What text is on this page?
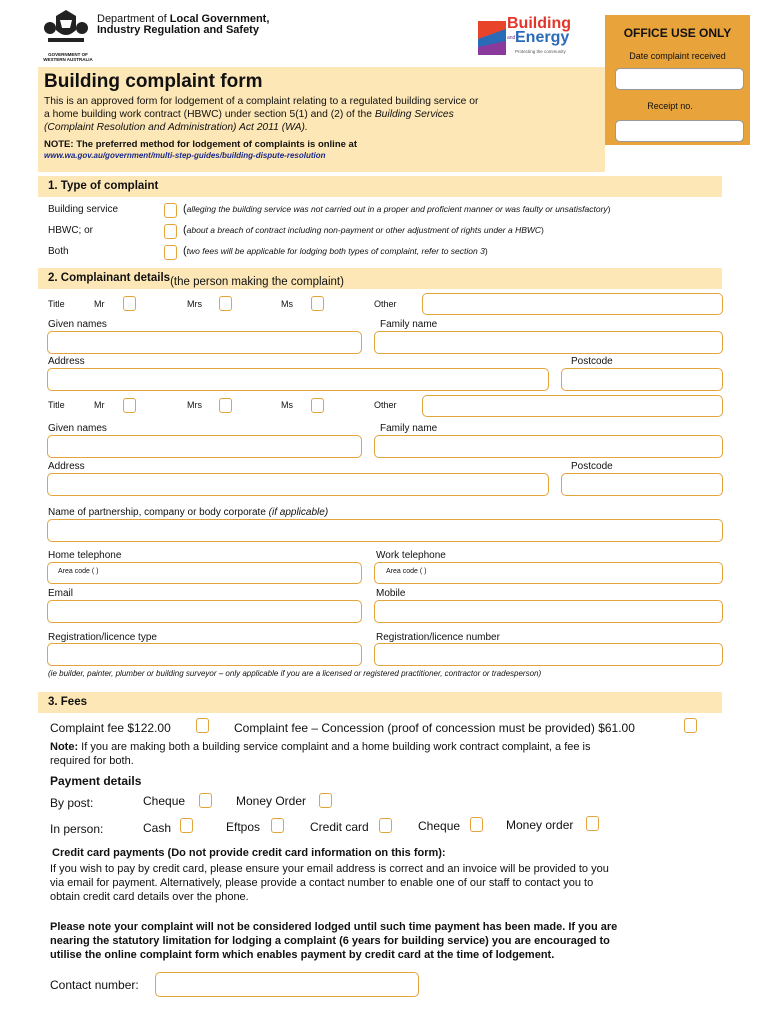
GOVERNMENT OF WESTERN AUSTRALIA
Department of Local Government,
Industry Regulation and Safety	Building
and Energy
Protecting the community
OFFICE USE ONLY
Date complaint received
Receipt no.
Building complaint form
This is an approved form for lodgement of a complaint relating to a regulated building service or
a home building work contract (HBWC) under section 5(1) and (2) of the Building Services
(Complaint Resolution and Administration) Act 2011 (WA).
NOTE: The preferred method for lodgement of complaints is online at
www.wa.gov.au/government/multi-step-guides/building-dispute-resolution
1. Type of complaint
Building service	(alleging the building service was not carried out in a proper and proficient manner or was faulty or unsatisfactory)
HBWC; or	(about a breach of contract including non-payment or other adjustment of rights under a HBWC)
Both	(two fees will be applicable for lodging both types of complaint, refer to section 3)
2. Complainant details (the person making the complaint)
Title	Mr	Mrs	Ms	Other
Given names	Family name
Address	Postcode
Title	Mr	Mrs	Ms	Other
Given names	Family name
Address	Postcode
Name of partnership, company or body corporate (if applicable)
Home telephone
Area code ( )
Work telephone
Area code ( )
Email	Mobile
Registration/licence type	Registration/licence number
(ie builder, painter, plumber or building surveyor – only applicable if you are a licensed or registered practitioner, contractor or tradesperson)
3. Fees
Complaint fee $122.00	Complaint fee – Concession (proof of concession must be provided) $61.00
Note: If you are making both a building service complaint and a home building work contract complaint, a fee is
required for both.
Payment details
By post:	Cheque	Money Order
In person:	Cash	Eftpos	Credit card	Cheque	Money order
Credit card payments (Do not provide credit card information on this form):
If you wish to pay by credit card, please ensure your email address is correct and an invoice will be provided to you
via email for payment. Alternatively, please provide a contact number to enable one of our staff to contact you to
obtain credit card details over the phone.
Please note your complaint will not be considered lodged until such time payment has been made. If you are
nearing the statutory limitation for lodging a complaint (6 years for building service) you are encouraged to
utilise the online complaint form which enables payment by credit card at the time of lodgement.
Contact number:
